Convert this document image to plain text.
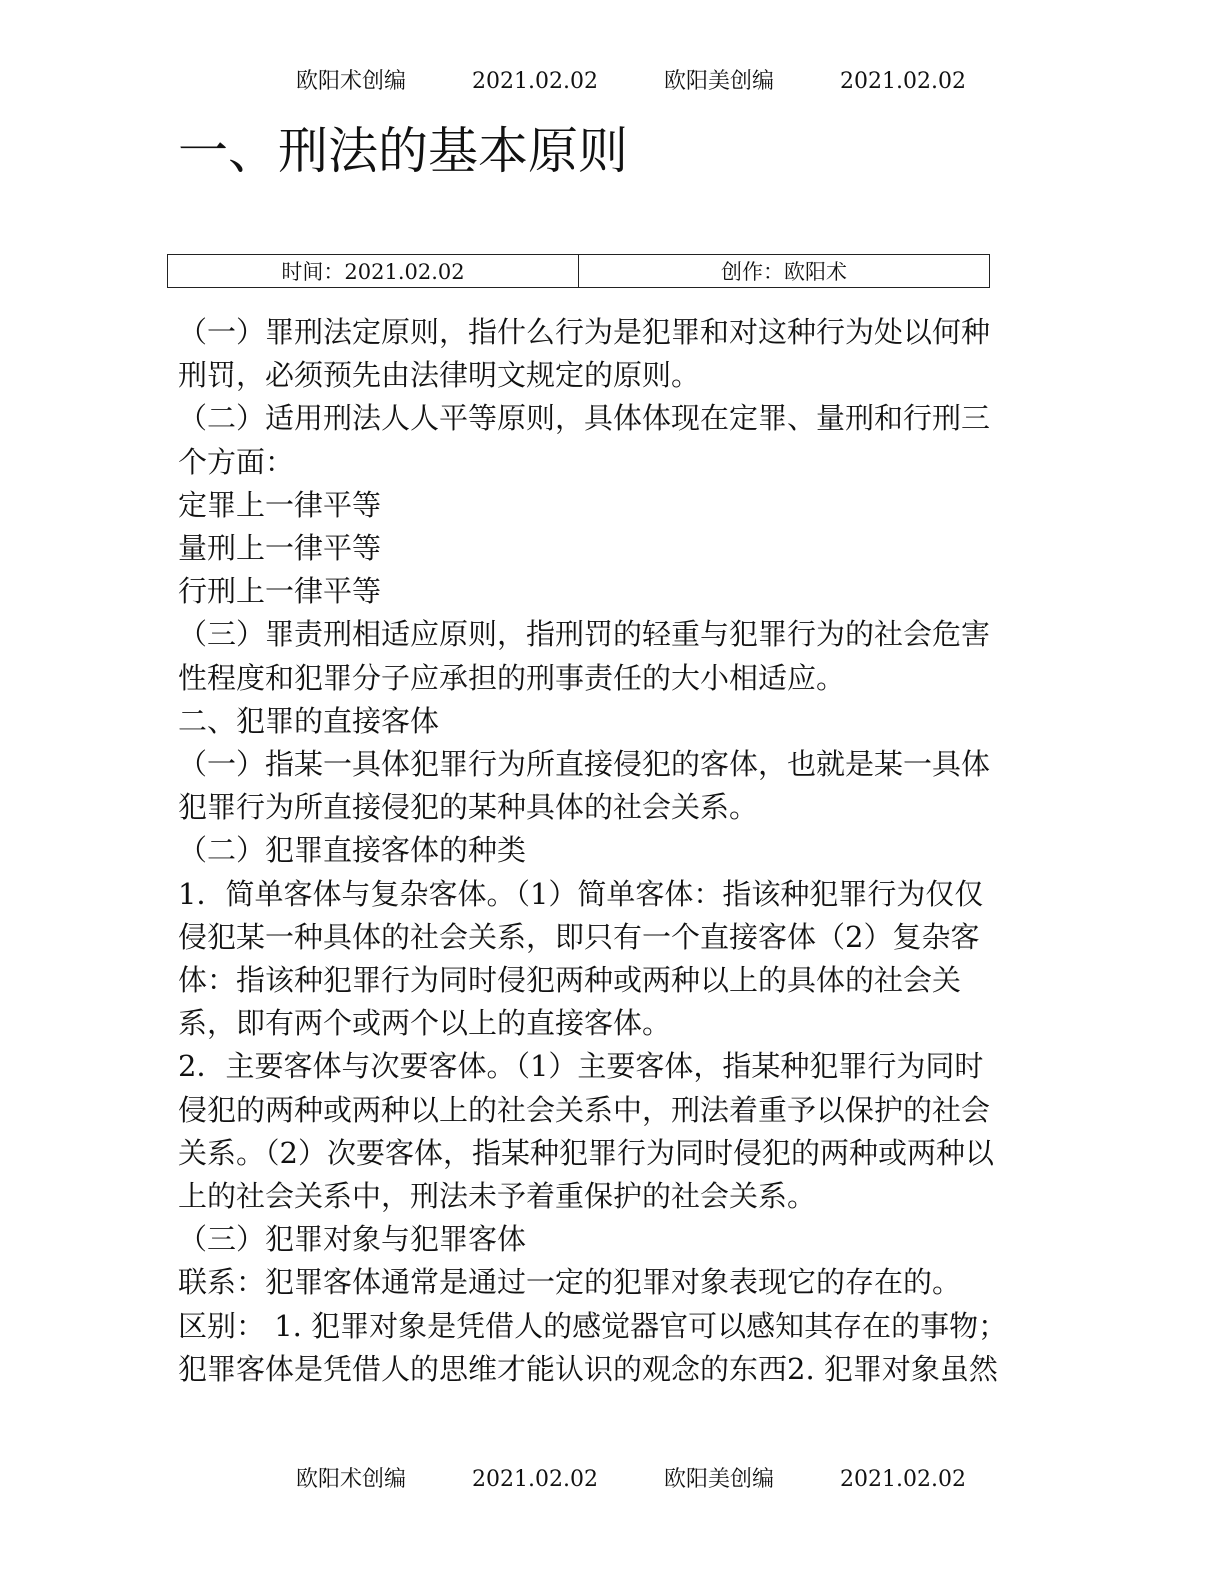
欧阳术创编	2021.02.02	欧阳美创编	2021.02.02
一、刑法的基本原则
时间：2021.02.02	创作：欧阳术

（一）罪刑法定原则，指什么行为是犯罪和对这种行为处以何种

刑罚，必须预先由法律明文规定的原则。

（二）适用刑法人人平等原则，具体体现在定罪、量刑和行刑三

个方面：

定罪上一律平等

量刑上一律平等

行刑上一律平等

（三）罪责刑相适应原则，指刑罚的轻重与犯罪行为的社会危害

性程度和犯罪分子应承担的刑事责任的大小相适应。

二、犯罪的直接客体

（一）指某一具体犯罪行为所直接侵犯的客体，也就是某一具体

犯罪行为所直接侵犯的某种具体的社会关系。

（二）犯罪直接客体的种类

1．简单客体与复杂客体。（1）简单客体：指该种犯罪行为仅仅

侵犯某一种具体的社会关系，即只有一个直接客体（2）复杂客

体：指该种犯罪行为同时侵犯两种或两种以上的具体的社会关

系，即有两个或两个以上的直接客体。

2．主要客体与次要客体。（1）主要客体，指某种犯罪行为同时

侵犯的两种或两种以上的社会关系中，刑法着重予以保护的社会

关系。（2）次要客体，指某种犯罪行为同时侵犯的两种或两种以

上的社会关系中，刑法未予着重保护的社会关系。

（三）犯罪对象与犯罪客体

联系：犯罪客体通常是通过一定的犯罪对象表现它的存在的。

区别： 1. 犯罪对象是凭借人的感觉器官可以感知其存在的事物；

犯罪客体是凭借人的思维才能认识的观念的东西2. 犯罪对象虽然

欧阳术创编	2021.02.02	欧阳美创编	2021.02.02
